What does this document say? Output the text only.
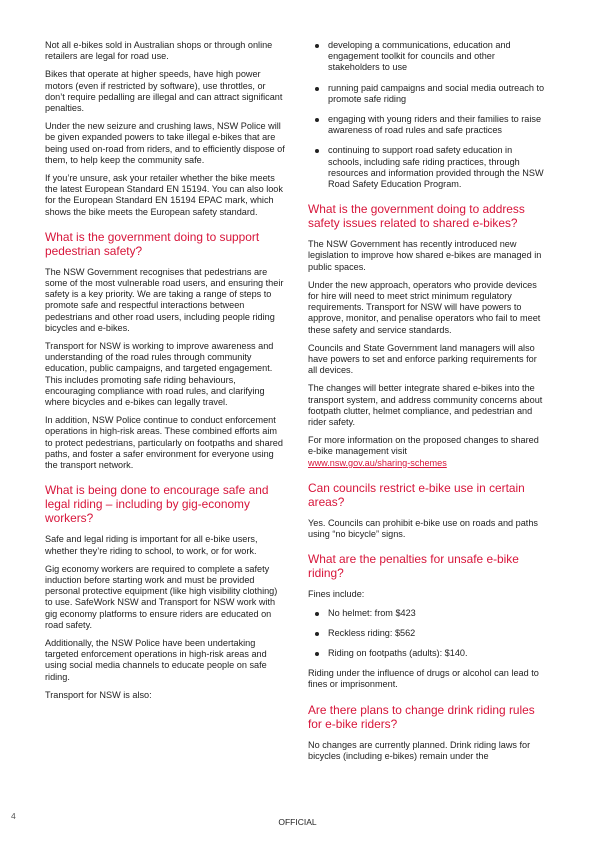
Not all e-bikes sold in Australian shops or through online retailers are legal for road use.

Bikes that operate at higher speeds, have high power motors (even if restricted by software), use throttles, or don’t require pedalling are illegal and can attract significant penalties.

Under the new seizure and crushing laws, NSW Police will be given expanded powers to take illegal e-bikes that are being used on-road from riders, and to efficiently dispose of them, to help keep the community safe.

If you’re unsure, ask your retailer whether the bike meets the latest European Standard EN 15194. You can also look for the European Standard EN 15194 EPAC mark, which shows the bike meets the European safety standard.

What is the government doing to support pedestrian safety?

The NSW Government recognises that pedestrians are some of the most vulnerable road users, and ensuring their safety is a key priority. We are taking a range of steps to promote safe and respectful interactions between pedestrians and other road users, including people riding bicycles and e-bikes.

Transport for NSW is working to improve awareness and understanding of the road rules through community education, public campaigns, and targeted engagement. This includes promoting safe riding behaviours, encouraging compliance with road rules, and clarifying where bicycles and e-bikes can legally travel.

In addition, NSW Police continue to conduct enforcement operations in high-risk areas. These combined efforts aim to protect pedestrians, particularly on footpaths and shared paths, and foster a safer environment for everyone using the transport network.

What is being done to encourage safe and legal riding – including by gig-economy workers?

Safe and legal riding is important for all e-bike users, whether they’re riding to school, to work, or for work.

Gig economy workers are required to complete a safety induction before starting work and must be provided personal protective equipment (like high visibility clothing) to use. SafeWork NSW and Transport for NSW work with gig economy platforms to ensure riders are educated on road safety.

Additionally, the NSW Police have been undertaking targeted enforcement operations in high-risk areas and using social media channels to educate people on safe riding.

Transport for NSW is also:

developing a communications, education and engagement toolkit for councils and other stakeholders to use
running paid campaigns and social media outreach to promote safe riding
engaging with young riders and their families to raise awareness of road rules and safe practices
continuing to support road safety education in schools, including safe riding practices, through resources and information provided through the NSW Road Safety Education Program.
What is the government doing to address safety issues related to shared e-bikes?

The NSW Government has recently introduced new legislation to improve how shared e-bikes are managed in public spaces.

Under the new approach, operators who provide devices for hire will need to meet strict minimum regulatory requirements. Transport for NSW will have powers to approve, monitor, and penalise operators who fail to meet these safety and service standards.

Councils and State Government land managers will also have powers to set and enforce parking requirements for all devices.

The changes will better integrate shared e-bikes into the transport system, and address community concerns about footpath clutter, helmet compliance, and pedestrian and rider safety.

For more information on the proposed changes to shared e-bike management visit
www.nsw.gov.au/sharing-schemes

Can councils restrict e-bike use in certain areas?

Yes. Councils can prohibit e-bike use on roads and paths using “no bicycle” signs.

What are the penalties for unsafe e-bike riding?

Fines include:

No helmet: from $423
Reckless riding: $562
Riding on footpaths (adults): $140.

Riding under the influence of drugs or alcohol can lead to fines or imprisonment.

Are there plans to change drink riding rules for e-bike riders?

No changes are currently planned. Drink riding laws for bicycles (including e-bikes) remain under the

4
OFFICIAL
